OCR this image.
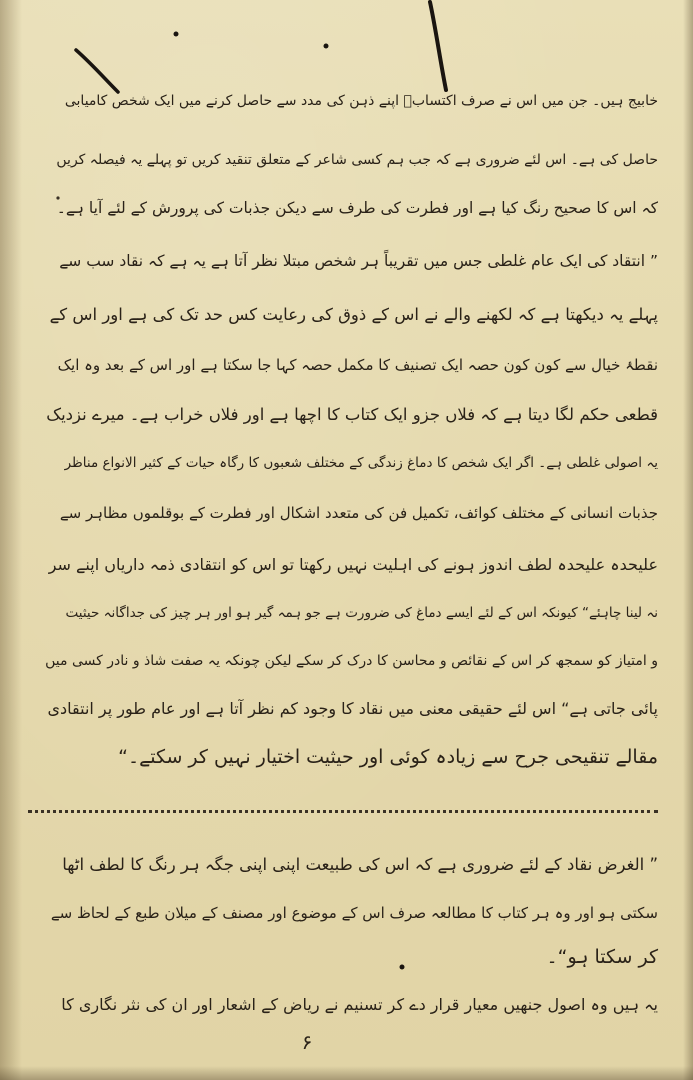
خابیج ہیں۔ جن میں اس نے صرف اکتسابؔ اپنے ذہن کی مدد سے حاصل کرنے میں ایک شخص کامیابی
حاصل کی ہے۔ اس لئے ضروری ہے کہ جب ہم کسی شاعر کے متعلق تنقید کریں تو پہلے یہ فیصلہ کریں
کہ اس کا صحیح رنگ کیا ہے اور فطرت کی طرف سے دیکن جذبات کی پرورش کے لئے آیا ہے۔
” انتقاد کی ایک عام غلطی جس میں تقریباً ہر شخص مبتلا نظر آتا ہے یہ ہے کہ نقاد سب سے
پہلے یہ دیکھتا ہے کہ لکھنے والے نے اس کے ذوق کی رعایت کس حد تک کی ہے اور اس کے
نقطۂ خیال سے کون کون حصہ ایک تصنیف کا مکمل حصہ کہا جا سکتا ہے اور اس کے بعد وہ ایک
قطعی حکم لگا دیتا ہے کہ فلاں جزو ایک کتاب کا اچھا ہے اور فلاں خراب ہے۔ میرے نزدیک
یہ اصولی غلطی ہے۔ اگر ایک شخص کا دماغ زندگی کے مختلف شعبوں کا رگاہ حیات کے کثیر الانواع مناظر
جذبات انسانی کے مختلف کوائف، تکمیل فن کی متعدد اشکال اور فطرت کے بوقلموں مظاہر سے
علیحدہ علیحدہ لطف اندوز ہونے کی اہلیت نہیں رکھتا تو اس کو انتقادی ذمہ داریاں اپنے سر
نہ لینا چاہئے“ کیونکہ اس کے لئے ایسے دماغ کی ضرورت ہے جو ہمہ گیر ہو اور ہر چیز کی جداگانہ حیثیت
و امتیاز کو سمجھ کر اس کے نقائص و محاسن کا درک کر سکے لیکن چونکہ یہ صفت شاذ و نادر کسی میں
پائی جاتی ہے“ اس لئے حقیقی معنی میں نقاد کا وجود کم نظر آتا ہے اور عام طور پر انتقادی
مقالے تنقیحی جرح سے زیادہ کوئی اور حیثیت اختیار نہیں کر سکتے۔“
” الغرض نقاد کے لئے ضروری ہے کہ اس کی طبیعت اپنی اپنی جگہ ہر رنگ کا لطف اٹھا
سکتی ہو اور وہ ہر کتاب کا مطالعہ صرف اس کے موضوع اور مصنف کے میلان طبع کے لحاظ سے
کر سکتا ہو“۔
یہ ہیں وہ اصول جنھیں معیار قرار دے کر تسنیم نے ریاض کے اشعار اور ان کی نثر نگاری کا
۶
